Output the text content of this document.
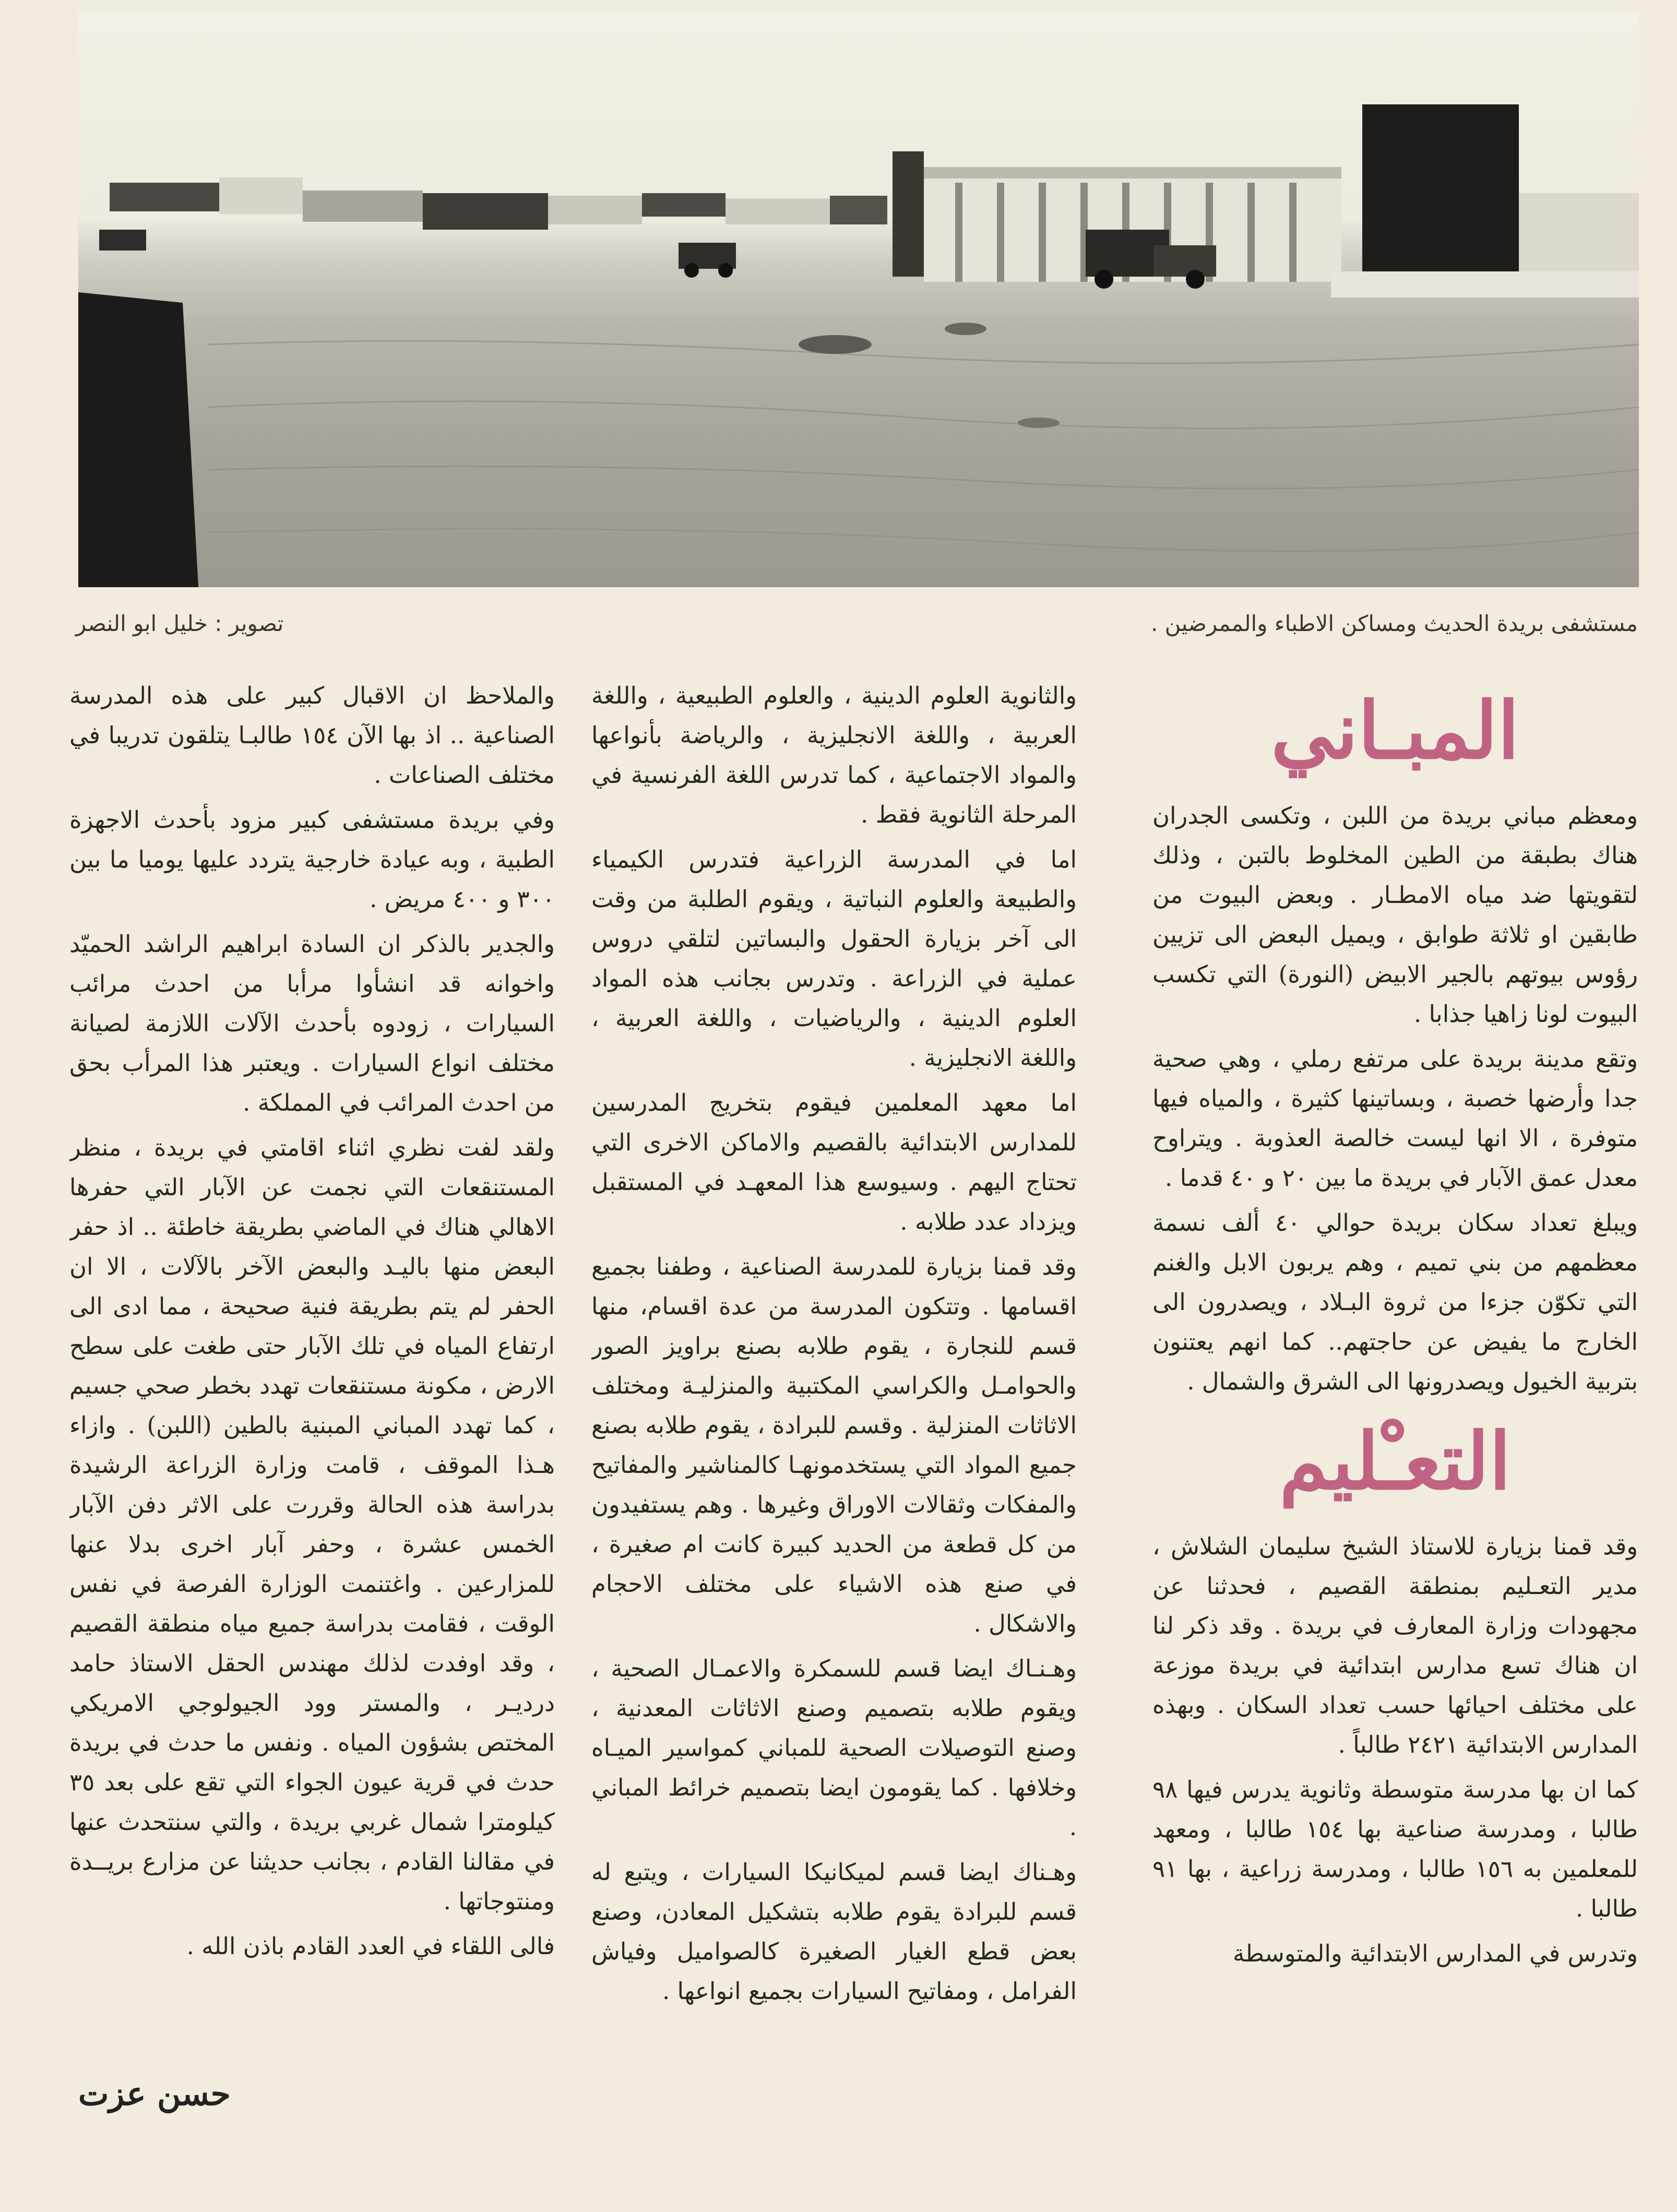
مستشفى بريدة الحديث ومساكن الاطباء والممرضين .
تصوير : خليل ابو النصر
المبـاني

ومعظم مباني بريدة من اللبن ، وتكسى الجدران هناك بطبقة من الطين المخلوط بالتبن ، وذلك لتقويتها ضد مياه الامطـار . وبعض البيوت من طابقين او ثلاثة طوابق ، ويميل البعض الى تزيين رؤوس بيوتهم بالجير الابيض (النورة) التي تكسب البيوت لونا زاهيا جذابا .

وتقع مدينة بريدة على مرتفع رملي ، وهي صحية جدا وأرضها خصبة ، وبساتينها كثيرة ، والمياه فيها متوفرة ، الا انها ليست خالصة العذوبة . ويتراوح معدل عمق الآبار في بريدة ما بين ٢٠ و ٤٠ قدما .

ويبلغ تعداد سكان بريدة حوالي ٤٠ ألف نسمة معظمهم من بني تميم ، وهم يربون الابل والغنم التي تكوّن جزءا من ثروة البـلاد ، ويصدرون الى الخارج ما يفيض عن حاجتهم.. كما انهم يعتنون بتربية الخيول ويصدرونها الى الشرق والشمال .

التعـْليم

وقد قمنا بزيارة للاستاذ الشيخ سليمان الشلاش ، مدير التعـليم بمنطقة القصيم ، فحدثنا عن مجهودات وزارة المعارف في بريدة . وقد ذكر لنا ان هناك تسع مدارس ابتدائية في بريدة موزعة على مختلف احيائها حسب تعداد السكان . وبهذه المدارس الابتدائية ٢٤٢١ طالباً .

كما ان بها مدرسة متوسطة وثانوية يدرس فيها ٩٨ طالبا ، ومدرسة صناعية بها ١٥٤ طالبا ، ومعهد للمعلمين به ١٥٦ طالبا ، ومدرسة زراعية ، بها ٩١ طالبا .

وتدرس في المدارس الابتدائية والمتوسطة

والثانوية العلوم الدينية ، والعلوم الطبيعية ، واللغة العربية ، واللغة الانجليزية ، والرياضة بأنواعها والمواد الاجتماعية ، كما تدرس اللغة الفرنسية في المرحلة الثانوية فقط .

اما في المدرسة الزراعية فتدرس الكيمياء والطبيعة والعلوم النباتية ، ويقوم الطلبة من وقت الى آخر بزيارة الحقول والبساتين لتلقي دروس عملية في الزراعة . وتدرس بجانب هذه المواد العلوم الدينية ، والرياضيات ، واللغة العربية ، واللغة الانجليزية .

اما معهد المعلمين فيقوم بتخريج المدرسين للمدارس الابتدائية بالقصيم والاماكن الاخرى التي تحتاج اليهم . وسيوسع هذا المعهـد في المستقبل ويزداد عدد طلابه .

وقد قمنا بزيارة للمدرسة الصناعية ، وطفنا بجميع اقسامها . وتتكون المدرسة من عدة اقسام، منها قسم للنجارة ، يقوم طلابه بصنع براويز الصور والحوامـل والكراسي المكتبية والمنزليـة ومختلف الاثاثات المنزلية . وقسم للبرادة ، يقوم طلابه بصنع جميع المواد التي يستخدمونهـا كالمناشير والمفاتيح والمفكات وثقالات الاوراق وغيرها . وهم يستفيدون من كل قطعة من الحديد كبيرة كانت ام صغيرة ، في صنع هذه الاشياء على مختلف الاحجام والاشكال .

وهـنـاك ايضا قسم للسمكرة والاعمـال الصحية ، ويقوم طلابه بتصميم وصنع الاثاثات المعدنية ، وصنع التوصيلات الصحية للمباني كمواسير الميـاه وخلافها . كما يقومون ايضا بتصميم خرائط المباني .

وهـناك ايضا قسم لميكانيكا السيارات ، ويتبع له قسم للبرادة يقوم طلابه بتشكيل المعادن، وصنع بعض قطع الغيار الصغيرة كالصواميل وفياش الفرامل ، ومفاتيح السيارات بجميع انواعها .

والملاحظ ان الاقبال كبير على هذه المدرسة الصناعية .. اذ بها الآن ١٥٤ طالبـا يتلقون تدريبا في مختلف الصناعات .

وفي بريدة مستشفى كبير مزود بأحدث الاجهزة الطبية ، وبه عيادة خارجية يتردد عليها يوميا ما بين ٣٠٠ و ٤٠٠ مريض .

والجدير بالذكر ان السادة ابراهيم الراشد الحميّد واخوانه قد انشأوا مرأبا من احدث مرائب السيارات ، زودوه بأحدث الآلات اللازمة لصيانة مختلف انواع السيارات . ويعتبر هذا المرأب بحق من احدث المرائب في المملكة .

ولقد لفت نظري اثناء اقامتي في بريدة ، منظر المستنقعات التي نجمت عن الآبار التي حفرها الاهالي هناك في الماضي بطريقة خاطئة .. اذ حفر البعض منها باليـد والبعض الآخر بالآلات ، الا ان الحفر لم يتم بطريقة فنية صحيحة ، مما ادى الى ارتفاع المياه في تلك الآبار حتى طغت على سطح الارض ، مكونة مستنقعات تهدد بخطر صحي جسيم ، كما تهدد المباني المبنية بالطين (اللبن) . وازاء هـذا الموقف ، قامت وزارة الزراعة الرشيدة بدراسة هذه الحالة وقررت على الاثر دفن الآبار الخمس عشرة ، وحفر آبار اخرى بدلا عنها للمزارعين . واغتنمت الوزارة الفرصة في نفس الوقت ، فقامت بدراسة جميع مياه منطقة القصيم ، وقد اوفدت لذلك مهندس الحقل الاستاذ حامد درديـر ، والمستر وود الجيولوجي الامريكي المختص بشؤون المياه . ونفس ما حدث في بريدة حدث في قرية عيون الجواء التي تقع على بعد ٣٥ كيلومترا شمال غربي بريدة ، والتي سنتحدث عنها في مقالنا القادم ، بجانب حديثنا عن مزارع بريــدة ومنتوجاتها .

فالى اللقاء في العدد القادم باذن الله .

حسن عزت
